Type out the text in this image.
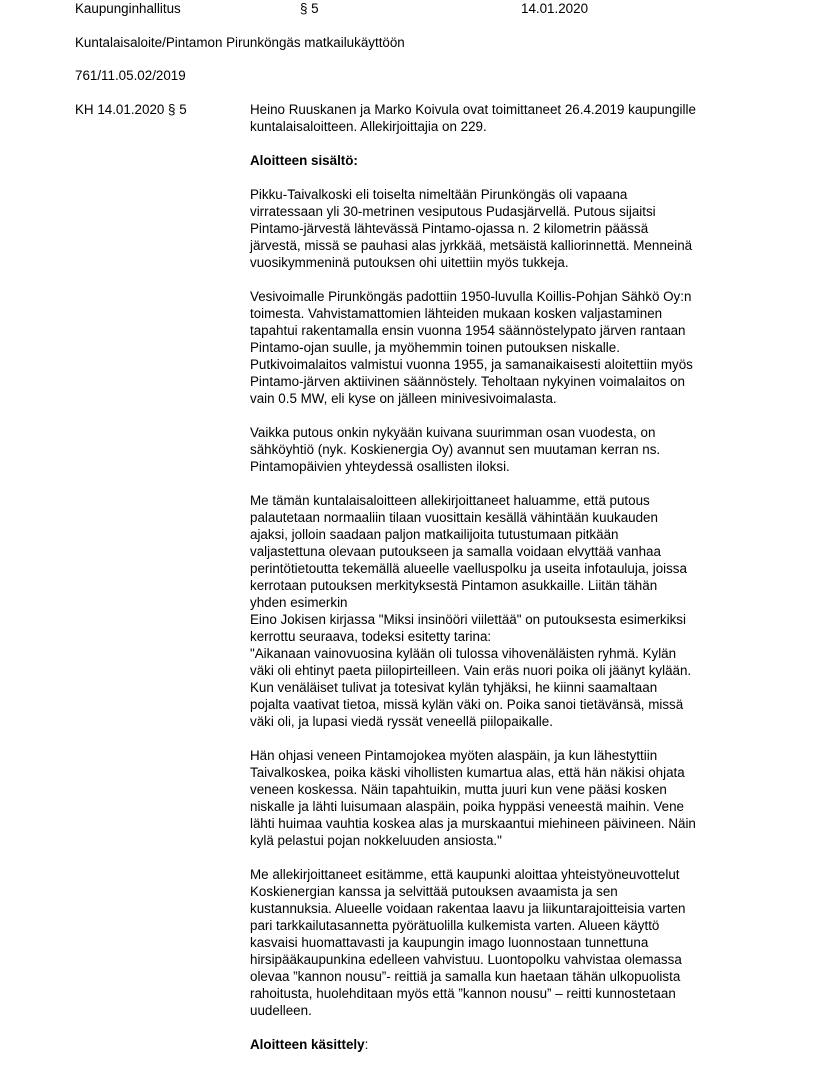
Kaupunginhallitus	§ 5	14.01.2020
Kuntalaisaloite/Pintamon Pirunköngäs matkailukäyttöön
761/11.05.02/2019
KH 14.01.2020 § 5	Heino Ruuskanen ja Marko Koivula ovat toimittaneet 26.4.2019 kaupungille
kuntalaisaloitteen. Allekirjoittajia on 229.

Aloitteen sisältö:

Pikku-Taivalkoski eli toiselta nimeltään Pirunköngäs oli vapaana
virratessaan yli 30-metrinen vesiputous Pudasjärvellä. Putous sijaitsi
Pintamo-järvestä lähtevässä Pintamo-ojassa n. 2 kilometrin päässä
järvestä, missä se pauhasi alas jyrkkää, metsäistä kalliorinnettä. Menneinä
vuosikymmeninä putouksen ohi uitettiin myös tukkeja.

Vesivoimalle Pirunköngäs padottiin 1950-luvulla Koillis-Pohjan Sähkö Oy:n
toimesta. Vahvistamattomien lähteiden mukaan kosken valjastaminen
tapahtui rakentamalla ensin vuonna 1954 säännöstelypato järven rantaan
Pintamo-ojan suulle, ja myöhemmin toinen putouksen niskalle.
Putkivoimalaitos valmistui vuonna 1955, ja samanaikaisesti aloitettiin myös
Pintamo-järven aktiivinen säännöstely. Teholtaan nykyinen voimalaitos on
vain 0.5 MW, eli kyse on jälleen minivesivoimalasta.

Vaikka putous onkin nykyään kuivana suurimman osan vuodesta, on
sähköyhtiö (nyk. Koskienergia Oy) avannut sen muutaman kerran ns.
Pintamopäivien yhteydessä osallisten iloksi.

Me tämän kuntalaisaloitteen allekirjoittaneet haluamme, että putous
palautetaan normaaliin tilaan vuosittain kesällä vähintään kuukauden
ajaksi, jolloin saadaan paljon matkailijoita tutustumaan pitkään
valjastettuna olevaan putoukseen ja samalla voidaan elvyttää vanhaa
perintötietoutta tekemällä alueelle vaelluspolku ja useita infotauluja, joissa
kerrotaan putouksen merkityksestä Pintamon asukkaille. Liitän tähän
yhden esimerkin
Eino Jokisen kirjassa "Miksi insinööri viilettää" on putouksesta esimerkiksi
kerrottu seuraava, todeksi esitetty tarina:
"Aikanaan vainovuosina kylään oli tulossa vihovenäläisten ryhmä. Kylän
väki oli ehtinyt paeta piilopirteilleen. Vain eräs nuori poika oli jäänyt kylään.
Kun venäläiset tulivat ja totesivat kylän tyhjäksi, he kiinni saamaltaan
pojalta vaativat tietoa, missä kylän väki on. Poika sanoi tietävänsä, missä
väki oli, ja lupasi viedä ryssät veneellä piilopaikalle.

Hän ohjasi veneen Pintamojokea myöten alaspäin, ja kun lähestyttiin
Taivalkoskea, poika käski vihollisten kumartua alas, että hän näkisi ohjata
veneen koskessa. Näin tapahtuikin, mutta juuri kun vene pääsi kosken
niskalle ja lähti luisumaan alaspäin, poika hyppäsi veneestä maihin. Vene
lähti huimaa vauhtia koskea alas ja murskaantui miehineen päivineen. Näin
kylä pelastui pojan nokkeluuden ansiosta."

Me allekirjoittaneet esitämme, että kaupunki aloittaa yhteistyöneuvottelut
Koskienergian kanssa ja selvittää putouksen avaamista ja sen
kustannuksia. Alueelle voidaan rakentaa laavu ja liikuntarajoitteisia varten
pari tarkkailutasannetta pyörätuolilla kulkemista varten. Alueen käyttö
kasvaisi huomattavasti ja kaupungin imago luonnostaan tunnettuna
hirsipääkaupunkina edelleen vahvistuu. Luontopolku vahvistaa olemassa
olevaa ”kannon nousu”- reittiä ja samalla kun haetaan tähän ulkopuolista
rahoitusta, huolehditaan myös että ”kannon nousu” – reitti kunnostetaan
uudelleen.

Aloitteen käsittely:
